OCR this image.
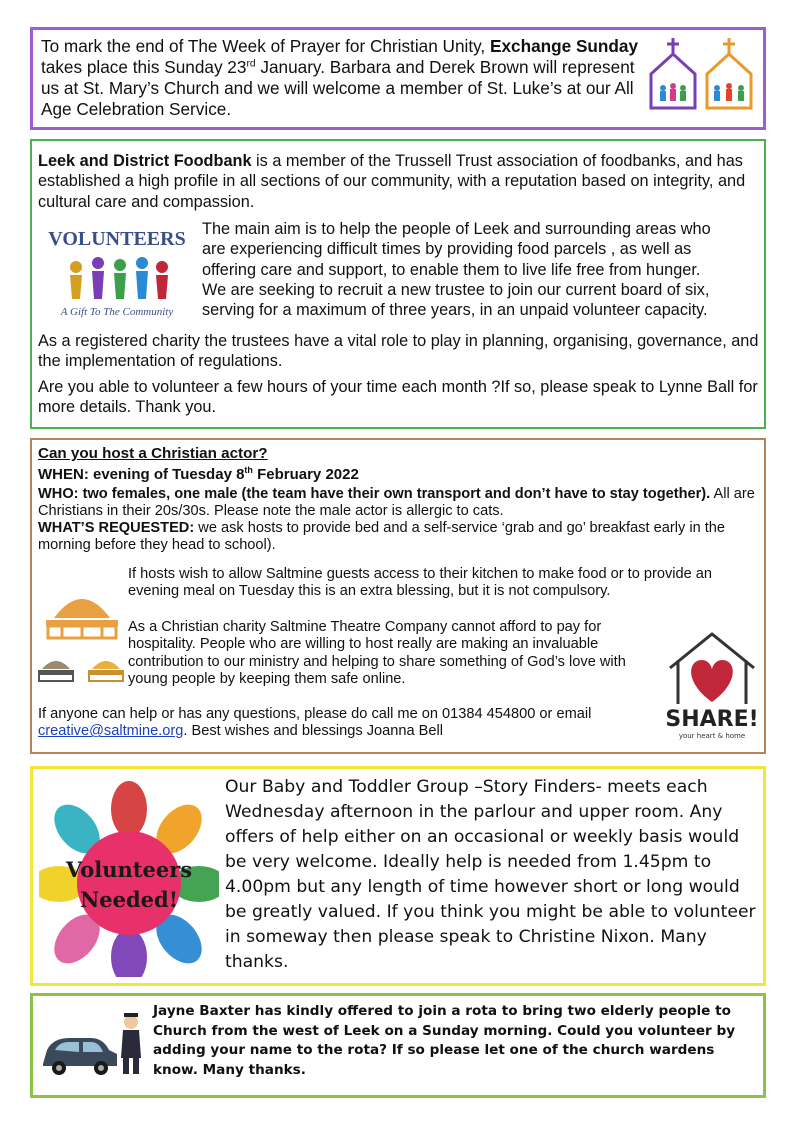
To mark the end of The Week of Prayer for Christian Unity, Exchange Sunday takes place this Sunday 23rd January. Barbara and Derek Brown will represent us at St. Mary’s Church and we will welcome a member of St. Luke’s at our All Age Celebration Service.

Leek and District Foodbank is a member of the Trussell Trust association of foodbanks, and has established a high profile in all sections of our community, with a reputation based on integrity, and cultural care and compassion.

VOLUNTEERS
A Gift To The Community
The main aim is to help the people of Leek and surrounding areas who
are experiencing difficult times by providing food parcels , as well as
offering care and support, to enable them to live life free from hunger.
We are seeking to recruit a new trustee to join our current board of six,
serving for a maximum of three years, in an unpaid volunteer capacity.

As a registered charity the trustees have a vital role to play in planning, organising, governance, and the implementation of regulations.

Are you able to volunteer a few hours of your time each month ?If so, please speak to Lynne Ball for more details. Thank you.

Can you host a Christian actor?
WHEN: evening of Tuesday 8th February 2022
WHO: two females, one male (the team have their own transport and don’t have to stay together). All are Christians in their 20s/30s. Please note the male actor is allergic to cats.
WHAT’S REQUESTED: we ask hosts to provide bed and a self-service ‘grab and go’ breakfast early in the morning before they head to school).

If hosts wish to allow Saltmine guests access to their kitchen to make food or to provide an evening meal on Tuesday this is an extra blessing, but it is not compulsory.

As a Christian charity Saltmine Theatre Company cannot afford to pay for hospitality. People who are willing to host really are making an invaluable contribution to our ministry and helping to share something of God’s love with young people by keeping them safe online.

SHARE!
your heart & home

If anyone can help or has any questions, please do call me on 01384 454800 or email creative@saltmine.org. Best wishes and blessings Joanna Bell

Volunteers
Needed!

Our Baby and Toddler Group –Story Finders- meets each Wednesday afternoon in the parlour and upper room. Any offers of help either on an occasional or weekly basis would be very welcome. Ideally help is needed from 1.45pm to 4.00pm but any length of time however short or long would be greatly valued. If you think you might be able to volunteer in someway then please speak to Christine Nixon. Many thanks.

Jayne Baxter has kindly offered to join a rota to bring two elderly people to Church from the west of Leek on a Sunday morning. Could you volunteer by adding your name to the rota? If so please let one of the church wardens know. Many thanks.
